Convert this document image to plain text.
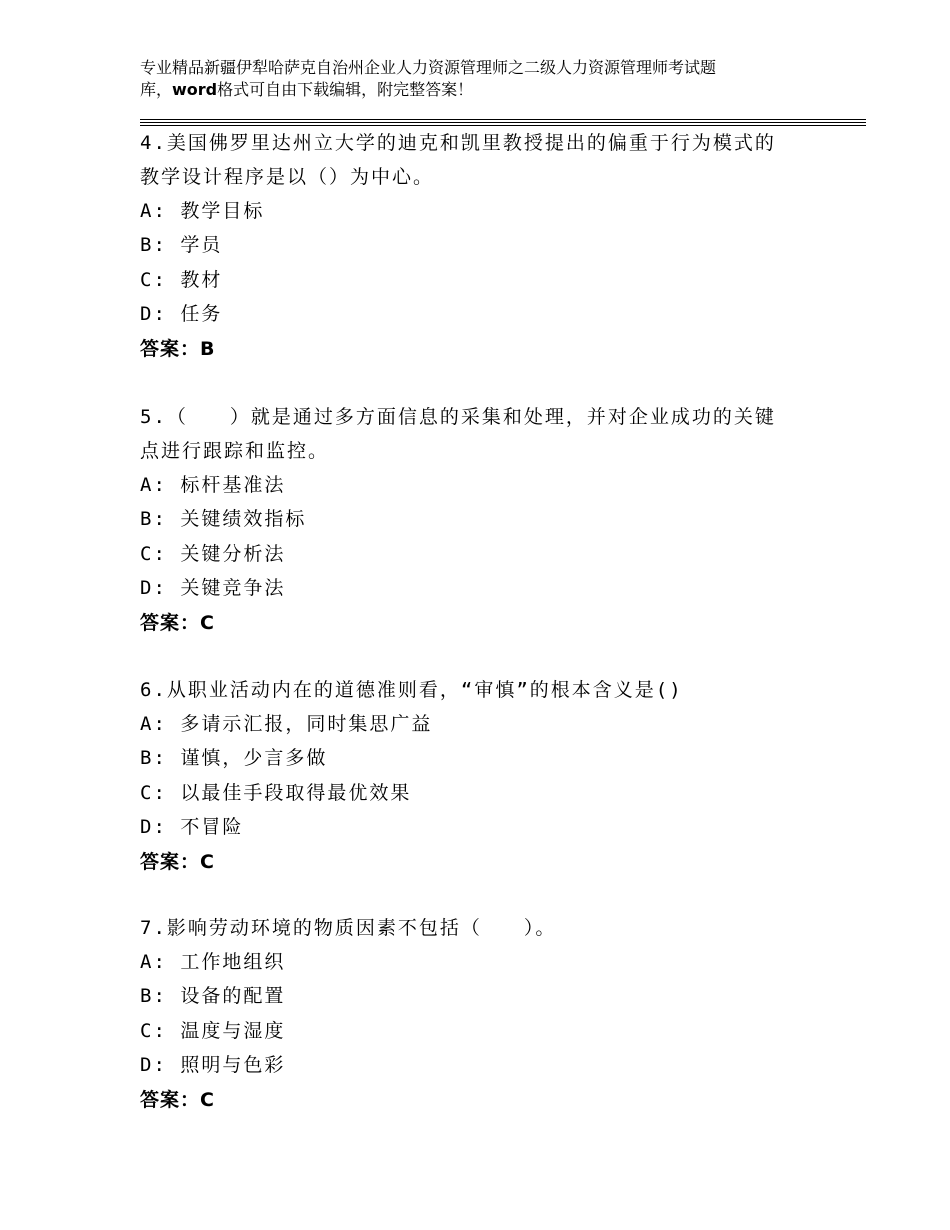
专业精品新疆伊犁哈萨克自治州企业人力资源管理师之二级人力资源管理师考试题
库，word格式可自由下载编辑，附完整答案！
4.美国佛罗里达州立大学的迪克和凯里教授提出的偏重于行为模式的
教学设计程序是以（）为中心。
A: 教学目标
B: 学员
C: 教材
D: 任务
答案：B
5.（　　）就是通过多方面信息的采集和处理，并对企业成功的关键
点进行跟踪和监控。
A: 标杆基准法
B: 关键绩效指标
C: 关键分析法
D: 关键竞争法
答案：C
6.从职业活动内在的道德准则看，“审慎”的根本含义是()
A: 多请示汇报，同时集思广益
B: 谨慎，少言多做
C: 以最佳手段取得最优效果
D: 不冒险
答案：C
7.影响劳动环境的物质因素不包括（　　）。
A: 工作地组织
B: 设备的配置
C: 温度与湿度
D: 照明与色彩
答案：C
